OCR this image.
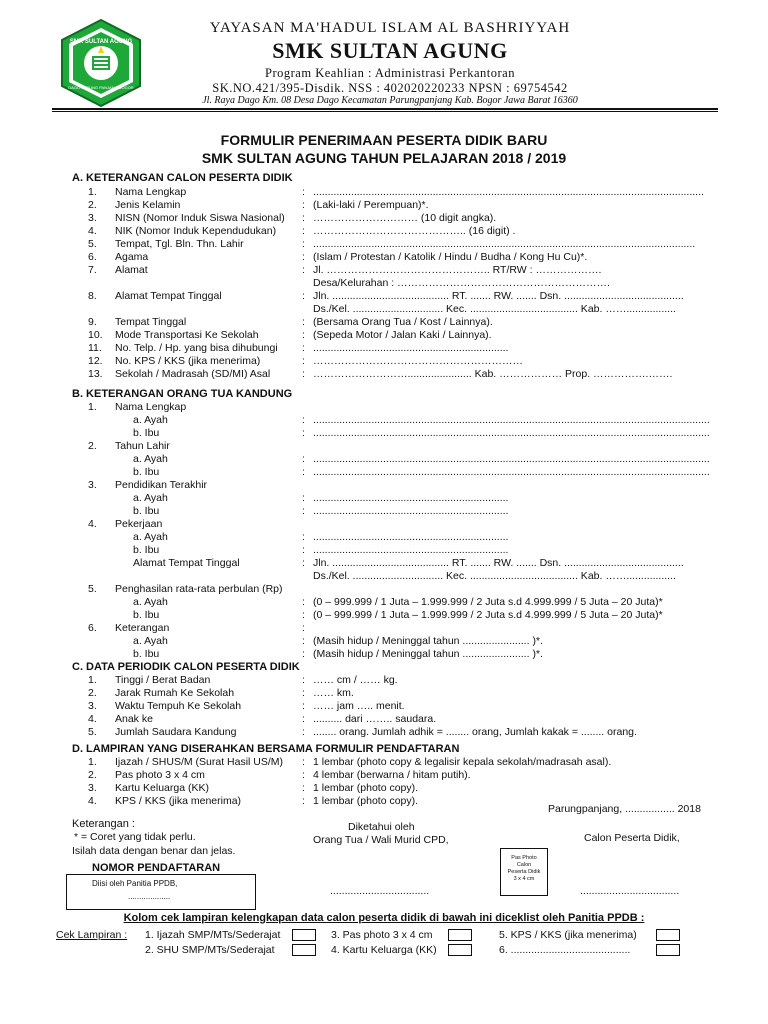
SMK SULTAN AGUNG
DAGO PARUNG PANJANG BOGOR
YAYASAN MA'HADUL ISLAM AL BASHRIYYAH
SMK SULTAN AGUNG
Program Keahlian : Administrasi Perkantoran
SK.NO.421/395-Disdik. NSS : 402020220233 NPSN : 69754542
Jl. Raya Dago Km. 08 Desa Dago Kecamatan Parungpanjang Kab. Bogor Jawa Barat 16360
FORMULIR PENERIMAAN PESERTA DIDIK BARU
SMK SULTAN AGUNG TAHUN PELAJARAN 2018 / 2019
A. KETERANGAN CALON PESERTA DIDIK
1. Nama Lengkap	: ......................................................................................................................................
2. Jenis Kelamin	: (Laki-laki / Perempuan)*.
3. NISN (Nomor Induk Siswa Nasional) : ………………………… (10 digit angka).
4. NIK (Nomor Induk Kependudukan) : …………………………………….. (16 digit) .
5. Tempat, Tgl. Bln. Thn. Lahir	: ...................................................................................................................................
6. Agama	: (Islam / Protestan / Katolik / Hindu / Budha / Kong Hu Cu)*.
7. Alamat	: Jl. ……………………………………….. RT/RW : ……………….
Desa/Kelurahan : …………………………………………………….
8. Alamat Tempat Tinggal	: Jln. ........................................ RT. ....... RW. ....... Dsn. .........................................
Ds./Kel. ............................... Kec. ..................................... Kab. …….................
9. Tempat Tinggal	: (Bersama Orang Tua / Kost / Lainnya).
10. Mode Transportasi Ke Sekolah	: (Sepeda Motor / Jalan Kaki / Lainnya).
11. No. Telp. / Hp. yang bisa dihubungi : ...................................................................
12. No. KPS / KKS (jika menerima)	: ……………………………………………………
13. Sekolah / Madrasah (SD/MI) Asal	: ………………………...................... Kab. ……………… Prop. …………….…….
B. KETERANGAN ORANG TUA KANDUNG
1. Nama Lengkap
a. Ayah	: ........................................................................................................................................
b. Ibu	: ........................................................................................................................................
2. Tahun Lahir
a. Ayah	: ........................................................................................................................................
b. Ibu	: ........................................................................................................................................
3. Pendidikan Terakhir
a. Ayah	: ...................................................................
b. Ibu	: ...................................................................
4. Pekerjaan
a. Ayah	: ...................................................................
b. Ibu	: ...................................................................
Alamat Tempat Tinggal	: Jln. ........................................ RT. ....... RW. ....... Dsn. .........................................
Ds./Kel. ............................... Kec. ..................................... Kab. …….................
5. Penghasilan rata-rata perbulan (Rp)
a. Ayah	: (0 – 999.999 / 1 Juta – 1.999.999 / 2 Juta s.d 4.999.999 / 5 Juta – 20 Juta)*
b. Ibu	: (0 – 999.999 / 1 Juta – 1.999.999 / 2 Juta s.d 4.999.999 / 5 Juta – 20 Juta)*
6. Keterangan	:
a. Ayah	: (Masih hidup / Meninggal tahun ....................... )*.
b. Ibu	: (Masih hidup / Meninggal tahun ....................... )*.
C. DATA PERIODIK CALON PESERTA DIDIK
1. Tinggi / Berat Badan	: …… cm / …… kg.
2. Jarak Rumah Ke Sekolah	: …… km.
3. Waktu Tempuh Ke Sekolah	: …… jam ….. menit.
4. Anak ke	: .......... dari …….. saudara.
5. Jumlah Saudara Kandung	: ........ orang. Jumlah adhik = ........ orang, Jumlah kakak = ........ orang.
D. LAMPIRAN YANG DISERAHKAN BERSAMA FORMULIR PENDAFTARAN
1. Ijazah / SHUS/M (Surat Hasil US/M) : 1 lembar (photo copy & legalisir kepala sekolah/madrasah asal).
2. Pas photo 3 x 4 cm	: 4 lembar (berwarna / hitam putih).
3. Kartu Keluarga (KK)	: 1 lembar (photo copy).
4. KPS / KKS (jika menerima)	: 1 lembar (photo copy).
Parungpanjang, ................. 2018
Keterangan :
* = Coret yang tidak perlu.
Isilah data dengan benar dan jelas.
Diketahui oleh
Orang Tua / Wali Murid CPD,	Calon Peserta Didik,
Pas Photo
Calon
Peserta Didik
3 x 4 cm
..................................	..................................
NOMOR PENDAFTARAN
Diisi oleh Panitia PPDB,
...................
Kolom cek lampiran kelengkapan data calon peserta didik di bawah ini diceklist oleh Panitia PPDB :
Cek Lampiran : 1. Ijazah SMP/MTs/Sederajat
2. SHU SMP/MTs/Sederajat
3. Pas photo 3 x 4 cm
4. Kartu Keluarga (KK)
5. KPS / KKS (jika menerima)
6. .........................................
